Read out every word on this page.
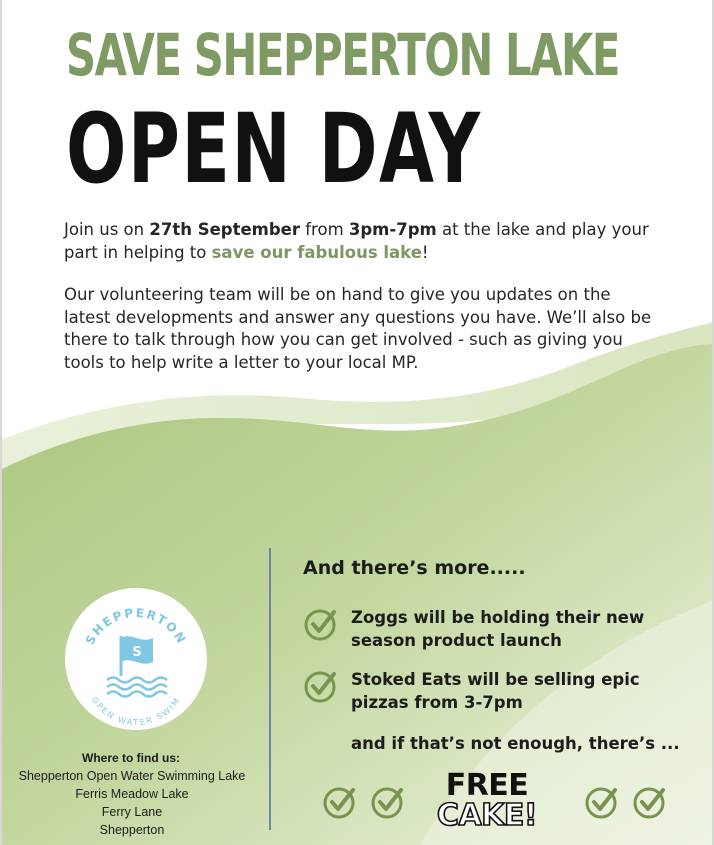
SAVE SHEPPERTON LAKE
OPEN DAY
Join us on 27th September from 3pm-7pm at the lake and play your part in helping to save our fabulous lake!
Our volunteering team will be on hand to give you updates on the latest developments and answer any questions you have. We’ll also be there to talk through how you can get involved - such as giving you tools to help write a letter to your local MP.
SHEPPERTON
OPEN WATER SWIM
S
Where to find us:
Shepperton Open Water Swimming Lake
Ferris Meadow Lake
Ferry Lane
Shepperton
And there’s more.....
Zoggs will be holding their new season product launch
Stoked Eats will be selling epic pizzas from 3-7pm
and if that’s not enough, there’s ...
FREE
CAKE!
